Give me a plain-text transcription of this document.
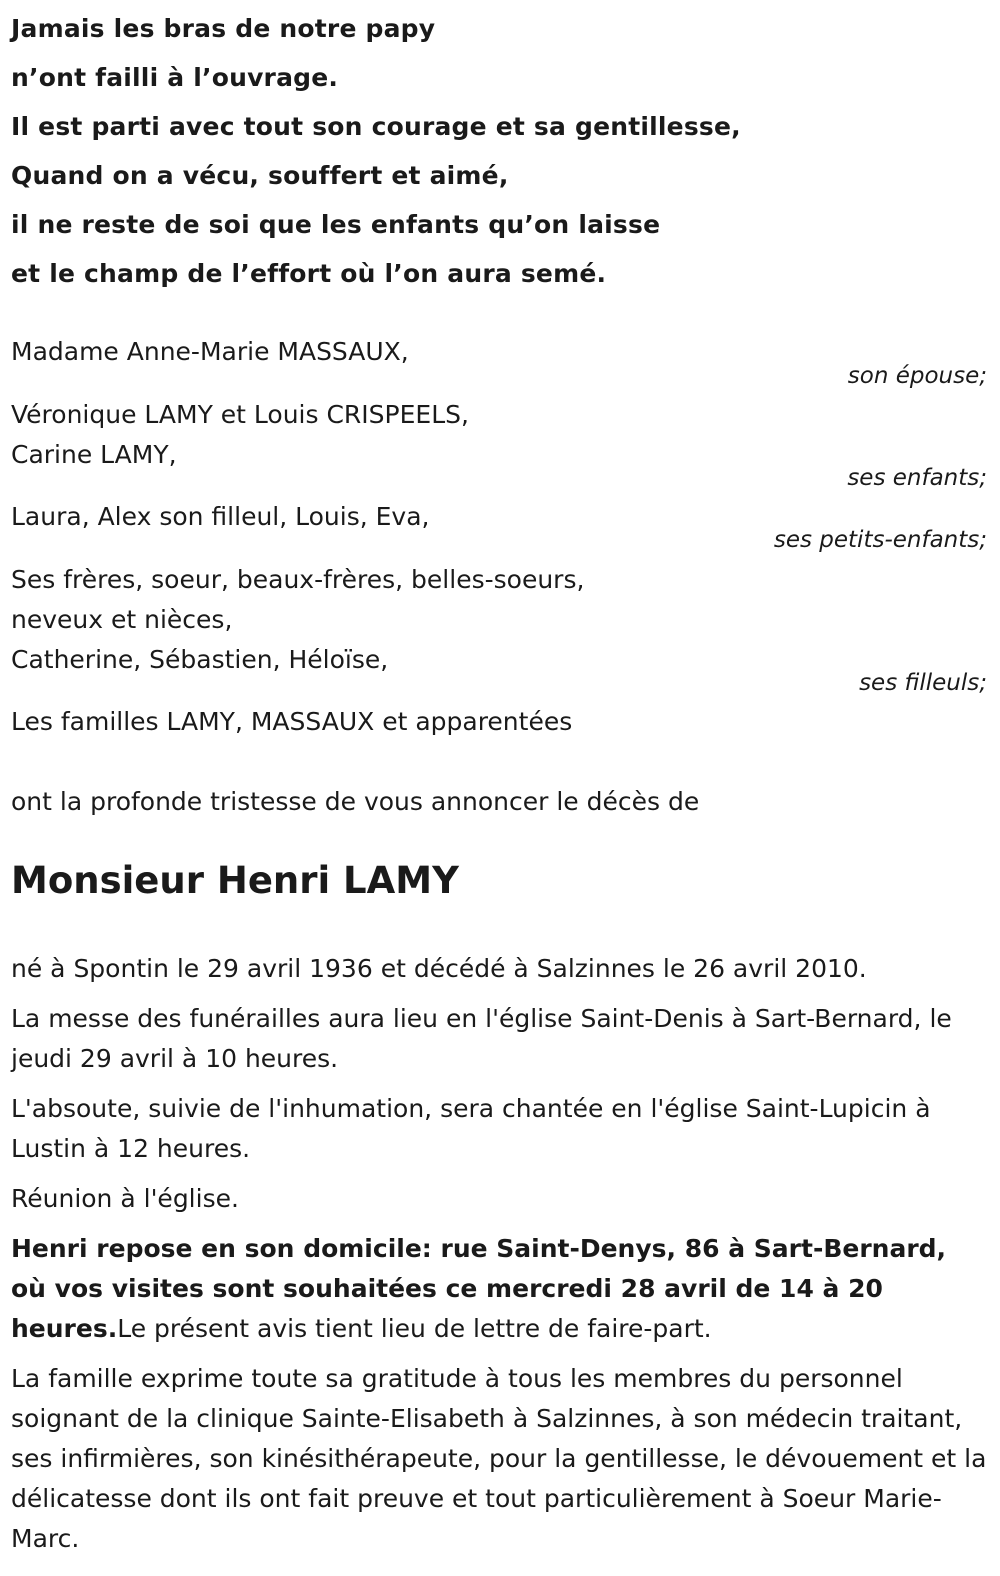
Jamais les bras de notre papy
n’ont failli à l’ouvrage.
Il est parti avec tout son courage et sa gentillesse,
Quand on a vécu, souffert et aimé,
il ne reste de soi que les enfants qu’on laisse
et le champ de l’effort où l’on aura semé.
Madame Anne-Marie MASSAUX,
son épouse;
Véronique LAMY et Louis CRISPEELS,
Carine LAMY,
ses enfants;
Laura, Alex son filleul, Louis, Eva,
ses petits-enfants;
Ses frères, soeur, beaux-frères, belles-soeurs,
neveux et nièces,
Catherine, Sébastien, Héloïse,
ses filleuls;
Les familles LAMY, MASSAUX et apparentées
ont la profonde tristesse de vous annoncer le décès de
Monsieur Henri LAMY

né à Spontin le 29 avril 1936 et décédé à Salzinnes le 26 avril 2010.

La messe des funérailles aura lieu en l'église Saint-Denis à Sart-Bernard, le jeudi 29 avril à 10 heures.

L'absoute, suivie de l'inhumation, sera chantée en l'église Saint-Lupicin à Lustin à 12 heures.

Réunion à l'église.

Henri repose en son domicile: rue Saint-Denys, 86 à Sart-Bernard, où vos visites sont souhaitées ce mercredi 28 avril de 14 à 20 heures.Le présent avis tient lieu de lettre de faire-part.

La famille exprime toute sa gratitude à tous les membres du personnel soignant de la clinique Sainte-Elisabeth à Salzinnes, à son médecin traitant, ses infirmières, son kinésithérapeute, pour la gentillesse, le dévouement et la délicatesse dont ils ont fait preuve et tout particulièrement à Soeur Marie-Marc.
